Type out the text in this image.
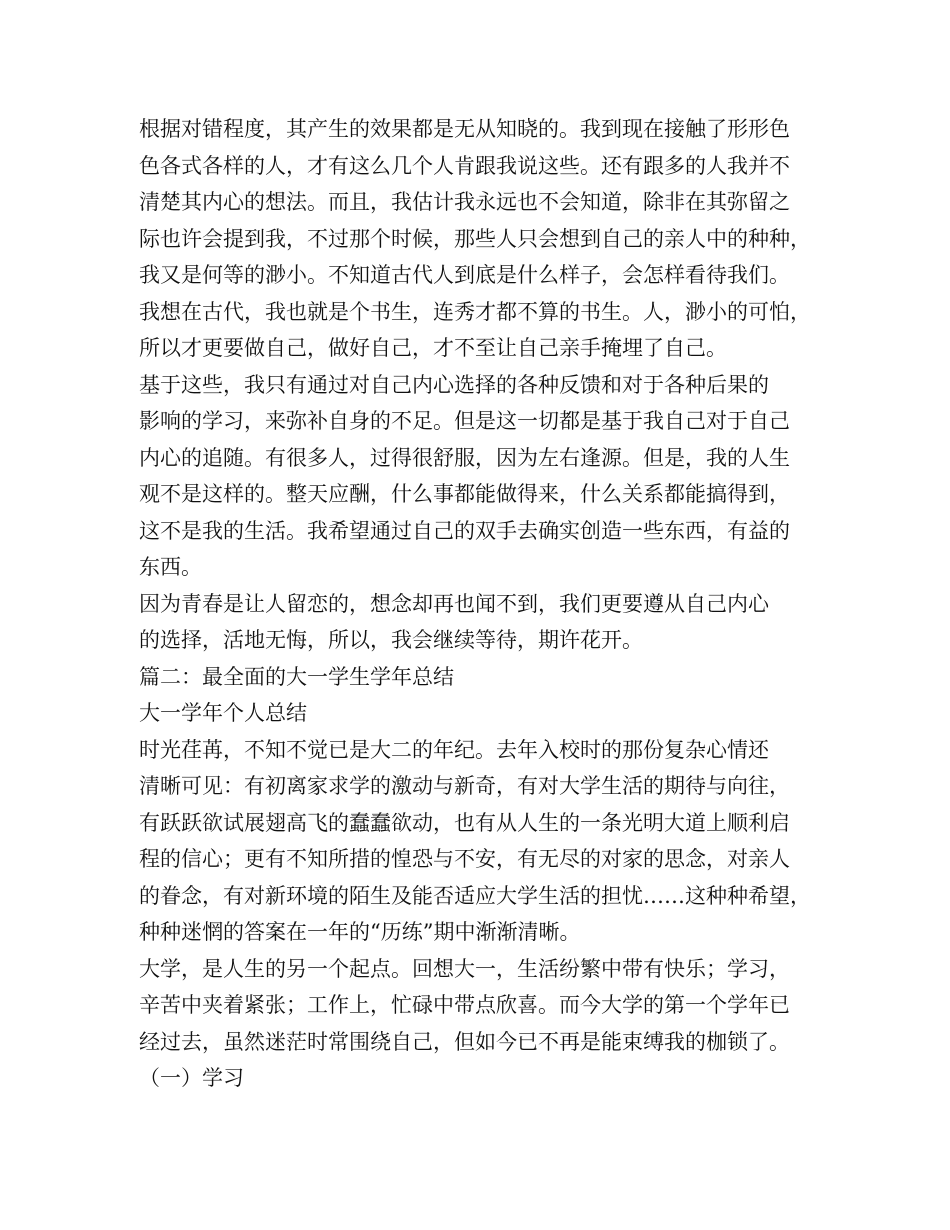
根据对错程度，其产生的效果都是无从知晓的。我到现在接触了形形色

色各式各样的人，才有这么几个人肯跟我说这些。还有跟多的人我并不

清楚其内心的想法。而且，我估计我永远也不会知道，除非在其弥留之

际也许会提到我，不过那个时候，那些人只会想到自己的亲人中的种种，

我又是何等的渺小。不知道古代人到底是什么样子，会怎样看待我们。

我想在古代，我也就是个书生，连秀才都不算的书生。人，渺小的可怕，

所以才更要做自己，做好自己，才不至让自己亲手掩埋了自己。

基于这些，我只有通过对自己内心选择的各种反馈和对于各种后果的

影响的学习，来弥补自身的不足。但是这一切都是基于我自己对于自己

内心的追随。有很多人，过得很舒服，因为左右逢源。但是，我的人生

观不是这样的。整天应酬，什么事都能做得来，什么关系都能搞得到，

这不是我的生活。我希望通过自己的双手去确实创造一些东西，有益的

东西。

因为青春是让人留恋的，想念却再也闻不到，我们更要遵从自己内心

的选择，活地无悔，所以，我会继续等待，期许花开。

篇二：最全面的大一学生学年总结

大一学年个人总结

时光荏苒，不知不觉已是大二的年纪。去年入校时的那份复杂心情还

清晰可见：有初离家求学的激动与新奇，有对大学生活的期待与向往，

有跃跃欲试展翅高飞的蠢蠢欲动，也有从人生的一条光明大道上顺利启

程的信心；更有不知所措的惶恐与不安，有无尽的对家的思念，对亲人

的眷念，有对新环境的陌生及能否适应大学生活的担忧……这种种希望，

种种迷惘的答案在一年的“历练”期中渐渐清晰。

大学，是人生的另一个起点。回想大一，生活纷繁中带有快乐；学习，

辛苦中夹着紧张；工作上，忙碌中带点欣喜。而今大学的第一个学年已

经过去，虽然迷茫时常围绕自己，但如今已不再是能束缚我的枷锁了。

（一）学习
